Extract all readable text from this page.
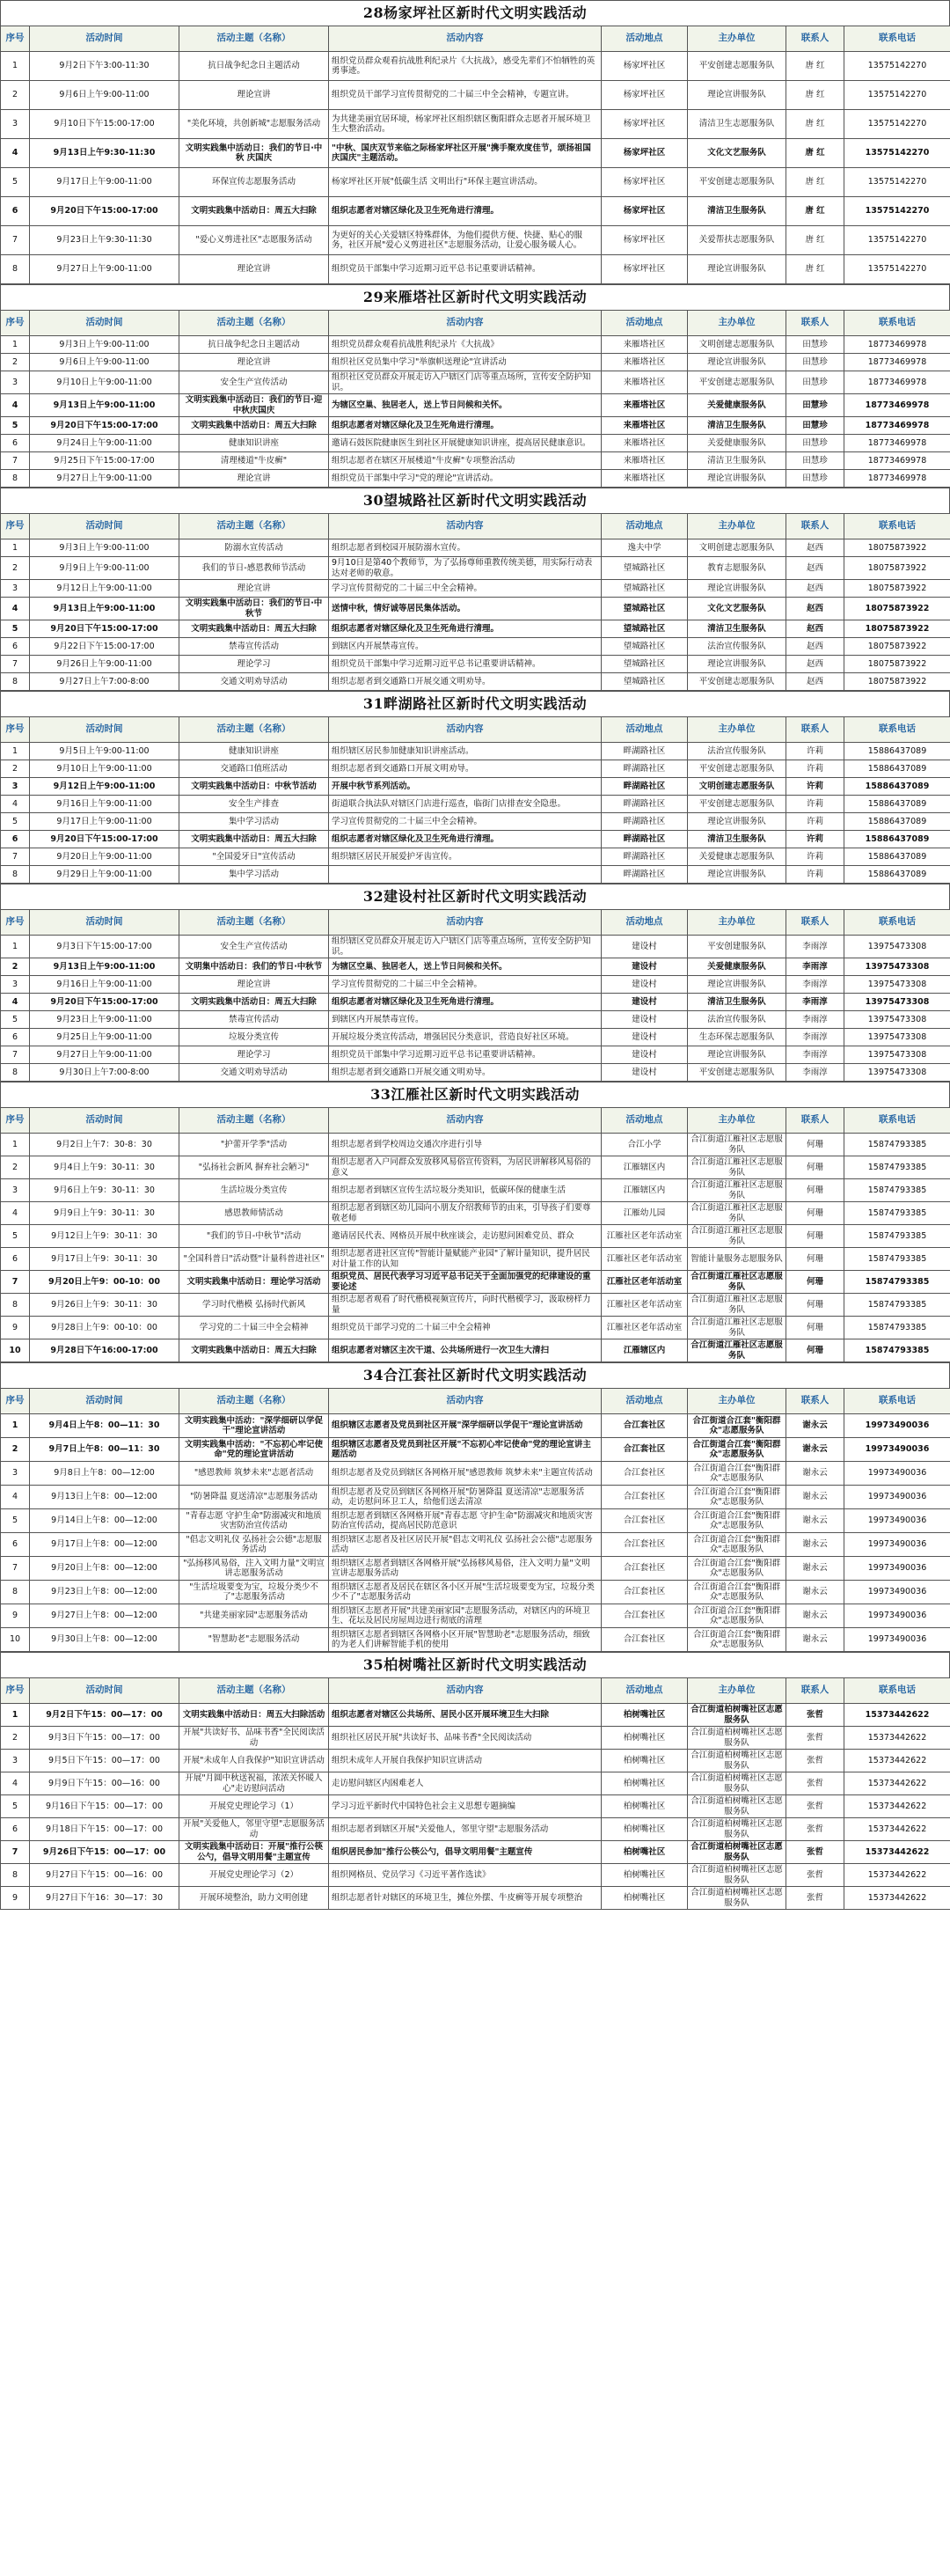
28杨家坪社区新时代文明实践活动
序号	活动时间	活动主题（名称）	活动内容	活动地点	主办单位	联系人	联系电话
1	9月2日下午3:00-11:30	抗日战争纪念日主题活动	组织党员群众观看抗战胜利纪录片《大抗战》，感受先辈们不怕牺牲的英勇事迹。	杨家坪社区	平安创建志愿服务队	唐 红	13575142270
2	9月6日上午9:00-11:00	理论宣讲	组织党员干部学习宣传贯彻党的二十届三中全会精神，专题宣讲。	杨家坪社区	理论宣讲服务队	唐 红	13575142270
3	9月10日下午15:00-17:00	"美化环境，共创新城"志愿服务活动	为共建美丽宜居环境，杨家坪社区组织辖区衡阳群众志愿者开展环境卫生大整治活动。	杨家坪社区	清洁卫生志愿服务队	唐 红	13575142270
4	9月13日上午9:30-11:30	文明实践集中活动日：我们的节日·中秋 庆国庆	"中秋、国庆双节来临之际杨家坪社区开展"携手聚欢度佳节，颂扬祖国庆国庆"主题活动。	杨家坪社区	文化文艺服务队	唐 红	13575142270
5	9月17日上午9:00-11:00	环保宣传志愿服务活动	杨家坪社区开展"低碳生活 文明出行"环保主题宣讲活动。	杨家坪社区	平安创建志愿服务队	唐 红	13575142270
6	9月20日下午15:00-17:00	文明实践集中活动日：周五大扫除	组织志愿者对辖区绿化及卫生死角进行清理。	杨家坪社区	清洁卫生服务队	唐 红	13575142270
7	9月23日上午9:30-11:30	"爱心义剪进社区"志愿服务活动	为更好的关心关爱辖区特殊群体，为他们提供方便、快捷、贴心的服务，社区开展"爱心义剪进社区"志愿服务活动，让爱心服务暖人心。	杨家坪社区	关爱帮扶志愿服务队	唐 红	13575142270
8	9月27日上午9:00-11:00	理论宣讲	组织党员干部集中学习近期习近平总书记重要讲话精神。	杨家坪社区	理论宣讲服务队	唐 红	13575142270
29来雁塔社区新时代文明实践活动
序号	活动时间	活动主题（名称）	活动内容	活动地点	主办单位	联系人	联系电话
1	9月3日上午9:00-11:00	抗日战争纪念日主题活动	组织党员群众观看抗战胜利纪录片《大抗战》	来雁塔社区	文明创建志愿服务队	田慧珍	18773469978
2	9月6日上午9:00-11:00	理论宣讲	组织社区党员集中学习"举旗帜送理论"宣讲活动	来雁塔社区	理论宣讲服务队	田慧珍	18773469978
3	9月10日上午9:00-11:00	安全生产宣传活动	组织社区党员群众开展走访入户辖区门店等重点场所，宣传安全防护知识。	来雁塔社区	平安创建志愿服务队	田慧珍	18773469978
4	9月13日上午9:00-11:00	文明实践集中活动日：我们的节日·迎中秋庆国庆	为辖区空巢、独居老人，送上节日问候和关怀。	来雁塔社区	关爱健康服务队	田慧珍	18773469978
5	9月20日下午15:00-17:00	文明实践集中活动日：周五大扫除	组织志愿者对辖区绿化及卫生死角进行清理。	来雁塔社区	清洁卫生服务队	田慧珍	18773469978
6	9月24日上午9:00-11:00	健康知识讲座	邀请石鼓医院健康医生到社区开展健康知识讲座，提高居民健康意识。	来雁塔社区	关爱健康服务队	田慧珍	18773469978
7	9月25日下午15:00-17:00	清理楼道"牛皮癣"	组织志愿者在辖区开展楼道"牛皮癣"专项整治活动	来雁塔社区	清洁卫生服务队	田慧珍	18773469978
8	9月27日上午9:00-11:00	理论宣讲	组织党员干部集中学习"党的理论"宣讲活动。	来雁塔社区	理论宣讲服务队	田慧珍	18773469978
30望城路社区新时代文明实践活动
序号	活动时间	活动主题（名称）	活动内容	活动地点	主办单位	联系人	联系电话
1	9月3日上午9:00-11:00	防溺水宣传活动	组织志愿者到校园开展防溺水宣传。	逸夫中学	文明创建志愿服务队	赵西	18075873922
2	9月9日上午9:00-11:00	我们的节日-感恩教师节活动	9月10日是第40个教师节，为了弘扬尊师重教传统美德，用实际行动表达对老师的敬意。	望城路社区	教育志愿服务队	赵西	18075873922
3	9月12日上午9:00-11:00	理论宣讲	学习宣传贯彻党的二十届三中全会精神。	望城路社区	理论宣讲服务队	赵西	18075873922
4	9月13日上午9:00-11:00	文明实践集中活动日：我们的节日·中秋节	送情中秋，情好诚等居民集体活动。	望城路社区	文化文艺服务队	赵西	18075873922
5	9月20日下午15:00-17:00	文明实践集中活动日：周五大扫除	组织志愿者对辖区绿化及卫生死角进行清理。	望城路社区	清洁卫生服务队	赵西	18075873922
6	9月22日下午15:00-17:00	禁毒宣传活动	到辖区内开展禁毒宣传。	望城路社区	法治宣传服务队	赵西	18075873922
7	9月26日上午9:00-11:00	理论学习	组织党员干部集中学习近期习近平总书记重要讲话精神。	望城路社区	理论宣讲服务队	赵西	18075873922
8	9月27日上午7:00-8:00	交通文明劝导活动	组织志愿者到交通路口开展交通文明劝导。	望城路社区	平安创建志愿服务队	赵西	18075873922
31畔湖路社区新时代文明实践活动
序号	活动时间	活动主题（名称）	活动内容	活动地点	主办单位	联系人	联系电话
1	9月5日上午9:00-11:00	健康知识讲座	组织辖区居民参加健康知识讲座活动。	畔湖路社区	法治宣传服务队	许莉	15886437089
2	9月10日上午9:00-11:00	交通路口值班活动	组织志愿者到交通路口开展文明劝导。	畔湖路社区	平安创建志愿服务队	许莉	15886437089
3	9月12日上午9:00-11:00	文明实践集中活动日：中秋节活动	开展中秋节系列活动。	畔湖路社区	文明创建志愿服务队	许莉	15886437089
4	9月16日上午9:00-11:00	安全生产排查	街道联合执法队对辖区门店进行巡查，临街门店排查安全隐患。	畔湖路社区	平安创建志愿服务队	许莉	15886437089
5	9月17日上午9:00-11:00	集中学习活动	学习宣传贯彻党的二十届三中全会精神。	畔湖路社区	理论宣讲服务队	许莉	15886437089
6	9月20日下午15:00-17:00	文明实践集中活动日：周五大扫除	组织志愿者对辖区绿化及卫生死角进行清理。	畔湖路社区	清洁卫生服务队	许莉	15886437089
7	9月20日上午9:00-11:00	"全国爱牙日"宣传活动	组织辖区居民开展爱护牙齿宣传。	畔湖路社区	关爱健康志愿服务队	许莉	15886437089
8	9月29日上午9:00-11:00	集中学习活动		畔湖路社区	理论宣讲服务队	许莉	15886437089
32建设村社区新时代文明实践活动
序号	活动时间	活动主题（名称）	活动内容	活动地点	主办单位	联系人	联系电话
1	9月3日下午15:00-17:00	安全生产宣传活动	组织辖区党员群众开展走访入户辖区门店等重点场所，宣传安全防护知识。	建设村	平安创建服务队	李雨淳	13975473308
2	9月13日上午9:00-11:00	文明集中活动日：我们的节日·中秋节	为辖区空巢、独居老人，送上节日问候和关怀。	建设村	关爱健康服务队	李雨淳	13975473308
3	9月16日上午9:00-11:00	理论宣讲	学习宣传贯彻党的二十届三中全会精神。	建设村	理论宣讲服务队	李雨淳	13975473308
4	9月20日下午15:00-17:00	文明实践集中活动日：周五大扫除	组织志愿者对辖区绿化及卫生死角进行清理。	建设村	清洁卫生服务队	李雨淳	13975473308
5	9月23日上午9:00-11:00	禁毒宣传活动	到辖区内开展禁毒宣传。	建设村	法治宣传服务队	李雨淳	13975473308
6	9月25日上午9:00-11:00	垃圾分类宣传	开展垃圾分类宣传活动，增强居民分类意识，营造良好社区环境。	建设村	生态环保志愿服务队	李雨淳	13975473308
7	9月27日上午9:00-11:00	理论学习	组织党员干部集中学习近期习近平总书记重要讲话精神。	建设村	理论宣讲服务队	李雨淳	13975473308
8	9月30日上午7:00-8:00	交通文明劝导活动	组织志愿者到交通路口开展交通文明劝导。	建设村	平安创建志愿服务队	李雨淳	13975473308
33江雁社区新时代文明实践活动
序号	活动时间	活动主题（名称）	活动内容	活动地点	主办单位	联系人	联系电话
1	9月2日上午7：30-8：30	"护蕾开学季"活动	组织志愿者到学校周边交通次序进行引导	合江小学	合江街道江雁社区志愿服务队	何珊	15874793385
2	9月4日上午9：30-11：30	"弘扬社会新风 摒弃社会陋习"	组织志愿者入户同群众发放移风易俗宣传资料，为居民讲解移风易俗的意义	江雁辖区内	合江街道江雁社区志愿服务队	何珊	15874793385
3	9月6日上午9：30-11：30	生活垃圾分类宣传	组织志愿者到辖区宣传生活垃圾分类知识，低碳环保的健康生活	江雁辖区内	合江街道江雁社区志愿服务队	何珊	15874793385
4	9月9日上午9：30-11：30	感恩教师情活动	组织志愿者到辖区幼儿园向小朋友介绍教师节的由来，引导孩子们要尊敬老师	江雁幼儿园	合江街道江雁社区志愿服务队	何珊	15874793385
5	9月12日上午9：30-11：30	"我们的节日-中秋节"活动	邀请居民代表、网格员开展中秋座谈会，走访慰问困难党员、群众	江雁社区老年活动室	合江街道江雁社区志愿服务队	何珊	15874793385
6	9月17日上午9：30-11：30	"全国科普日"活动暨"计量科普进社区"	组织志愿者进社区宣传"智能计量赋能产业园"了解计量知识，提升居民对计量工作的认知	江雁社区老年活动室	智能计量服务志愿服务队	何珊	15874793385
7	9月20日上午9：00-10：00	文明实践集中活动日：理论学习活动	组织党员、居民代表学习习近平总书记关于全面加强党的纪律建设的重要论述	江雁社区老年活动室	合江街道江雁社区志愿服务队	何珊	15874793385
8	9月26日上午9：30-11：30	学习时代楷模 弘扬时代新风	组织志愿者观看了时代楷模视频宣传片，向时代楷模学习，汲取榜样力量	江雁社区老年活动室	合江街道江雁社区志愿服务队	何珊	15874793385
9	9月28日上午9：00-10：00	学习党的二十届三中全会精神	组织党员干部学习党的二十届三中全会精神	江雁社区老年活动室	合江街道江雁社区志愿服务队	何珊	15874793385
10	9月28日下午16:00-17:00	文明实践集中活动日：周五大扫除	组织志愿者对辖区主次干道、公共场所进行一次卫生大清扫	江雁辖区内	合江街道江雁社区志愿服务队	何珊	15874793385
34合江套社区新时代文明实践活动
序号	活动时间	活动主题（名称）	活动内容	活动地点	主办单位	联系人	联系电话
1	9月4日上午8：00—11：30	文明实践集中活动："深学细研以学促干"理论宣讲活动	组织辖区志愿者及党员到社区开展"深学细研以学促干"理论宣讲活动	合江套社区	合江街道合江套"衡阳群众"志愿服务队	谢永云	19973490036
2	9月7日上午8：00—11：30	文明实践集中活动："不忘初心牢记使命"党的理论宣讲活动	组织辖区志愿者及党员到社区开展"不忘初心牢记使命"党的理论宣讲主题活动	合江套社区	合江街道合江套"衡阳群众"志愿服务队	谢永云	19973490036
3	9月8日上午8：00—12:00	"感恩教师 筑梦未来"志愿者活动	组织志愿者及党员到辖区各网格开展"感恩教师 筑梦未来"主题宣传活动	合江套社区	合江街道合江套"衡阳群众"志愿服务队	谢永云	19973490036
4	9月13日上午8：00—12:00	"防暑降温 夏送清凉"志愿服务活动	组织志愿者及党员到辖区各网格开展"防暑降温 夏送清凉"志愿服务活动，走访慰问环卫工人，给他们送去清凉	合江套社区	合江街道合江套"衡阳群众"志愿服务队	谢永云	19973490036
5	9月14日上午8：00—12:00	"青春志愿 守护生命"防溺减灾和地质灾害防治宣传活动	组织志愿者到辖区各网格开展"青春志愿 守护生命"防溺减灾和地质灾害防治宣传活动，提高居民防范意识	合江套社区	合江街道合江套"衡阳群众"志愿服务队	谢永云	19973490036
6	9月17日上午8：00—12:00	"倡志文明礼仪 弘扬社会公德"志愿服务活动	组织辖区志愿者及社区居民开展"倡志文明礼仪 弘扬社会公德"志愿服务活动	合江套社区	合江街道合江套"衡阳群众"志愿服务队	谢永云	19973490036
7	9月20日上午8：00—12:00	"弘扬移风易俗，注入文明力量"文明宣讲志愿服务活动	组织辖区志愿者到辖区各网格开展"弘扬移风易俗，注入文明力量"文明宣讲志愿服务活动	合江套社区	合江街道合江套"衡阳群众"志愿服务队	谢永云	19973490036
8	9月23日上午8：00—12:00	"生活垃圾要变为宝，垃圾分类少不了"志愿服务活动	组织辖区志愿者及居民在辖区各小区开展"生活垃圾要变为宝，垃圾分类少不了"志愿服务活动	合江套社区	合江街道合江套"衡阳群众"志愿服务队	谢永云	19973490036
9	9月27日上午8：00—12:00	"共建美丽家园"志愿服务活动	组织辖区志愿者开展"共建美丽家园"志愿服务活动，对辖区内的环境卫生、花坛及居民房屋周边进行彻底的清理	合江套社区	合江街道合江套"衡阳群众"志愿服务队	谢永云	19973490036
10	9月30日上午8：00—12:00	"智慧助老"志愿服务活动	组织辖区志愿者到辖区各网格小区开展"智慧助老"志愿服务活动，细致的为老人们讲解智能手机的使用	合江套社区	合江街道合江套"衡阳群众"志愿服务队	谢永云	19973490036
35柏树嘴社区新时代文明实践活动
序号	活动时间	活动主题（名称）	活动内容	活动地点	主办单位	联系人	联系电话
1	9月2日下午15：00—17：00	文明实践集中活动日：周五大扫除活动	组织志愿者对辖区公共场所、居民小区开展环境卫生大扫除	柏树嘴社区	合江街道柏树嘴社区志愿服务队	张哲	15373442622
2	9月3日下午15：00—17：00	开展"共读好书、品味书香"全民阅读活动	组织社区居民开展"共读好书、品味书香"全民阅读活动	柏树嘴社区	合江街道柏树嘴社区志愿服务队	张哲	15373442622
3	9月5日下午15：00—17：00	开展"未成年人自我保护"知识宣讲活动	组织未成年人开展自我保护知识宣讲活动	柏树嘴社区	合江街道柏树嘴社区志愿服务队	张哲	15373442622
4	9月9日下午15：00—16：00	开展"月圆中秋送祝福，浓浓关怀暖人心"走访慰问活动	走访慰问辖区内困难老人	柏树嘴社区	合江街道柏树嘴社区志愿服务队	张哲	15373442622
5	9月16日下午15：00—17：00	开展党史理论学习（1）	学习习近平新时代中国特色社会主义思想专题摘编	柏树嘴社区	合江街道柏树嘴社区志愿服务队	张哲	15373442622
6	9月18日下午15：00—17：00	开展"关爱他人，邻里守望"志愿服务活动	组织志愿者到辖区开展"关爱他人，邻里守望"志愿服务活动	柏树嘴社区	合江街道柏树嘴社区志愿服务队	张哲	15373442622
7	9月26日下午15：00—17：00	文明实践集中活动日：开展"推行公筷公勺，倡导文明用餐"主题宣传	组织居民参加"推行公筷公勺，倡导文明用餐"主题宣传	柏树嘴社区	合江街道柏树嘴社区志愿服务队	张哲	15373442622
8	9月27日下午15：00—16：00	开展党史理论学习（2）	组织网格员、党员学习《习近平著作选读》	柏树嘴社区	合江街道柏树嘴社区志愿服务队	张哲	15373442622
9	9月27日下午16：30—17：30	开展环境整治，助力文明创建	组织志愿者针对辖区的环境卫生，摊位外摆、牛皮癣等开展专项整治	柏树嘴社区	合江街道柏树嘴社区志愿服务队	张哲	15373442622
